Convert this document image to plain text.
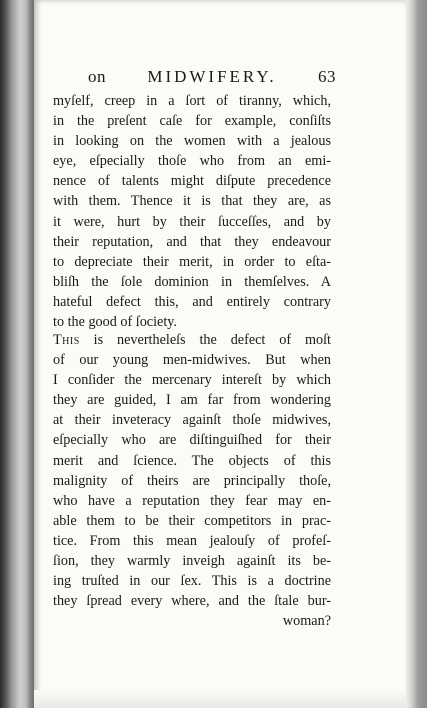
on MIDWIFERY. 63
myſelf, creep in a ſort of tiranny, which,
in the preſent caſe for example, conſiſts
in looking on the women with a jealous
eye, eſpecially thoſe who from an emi-
nence of talents might diſpute precedence
with them. Thence it is that they are, as
it were, hurt by their ſucceſſes, and by
their reputation, and that they endeavour
to depreciate their merit, in order to eſta-
bliſh the ſole dominion in themſelves. A
hateful defect this, and entirely contrary
to the good of ſociety.
This is nevertheleſs the defect of moſt
of our young men-midwives. But when
I conſider the mercenary intereſt by which
they are guided, I am far from wondering
at their inveteracy againſt thoſe midwives,
eſpecially who are diſtinguiſhed for their
merit and ſcience. The objects of this
malignity of theirs are principally thoſe,
who have a reputation they fear may en-
able them to be their competitors in prac-
tice. From this mean jealouſy of profeſ-
ſion, they warmly inveigh againſt its be-
ing truſted in our ſex. This is a doctrine
they ſpread every where, and the ſtale bur-
woman?
